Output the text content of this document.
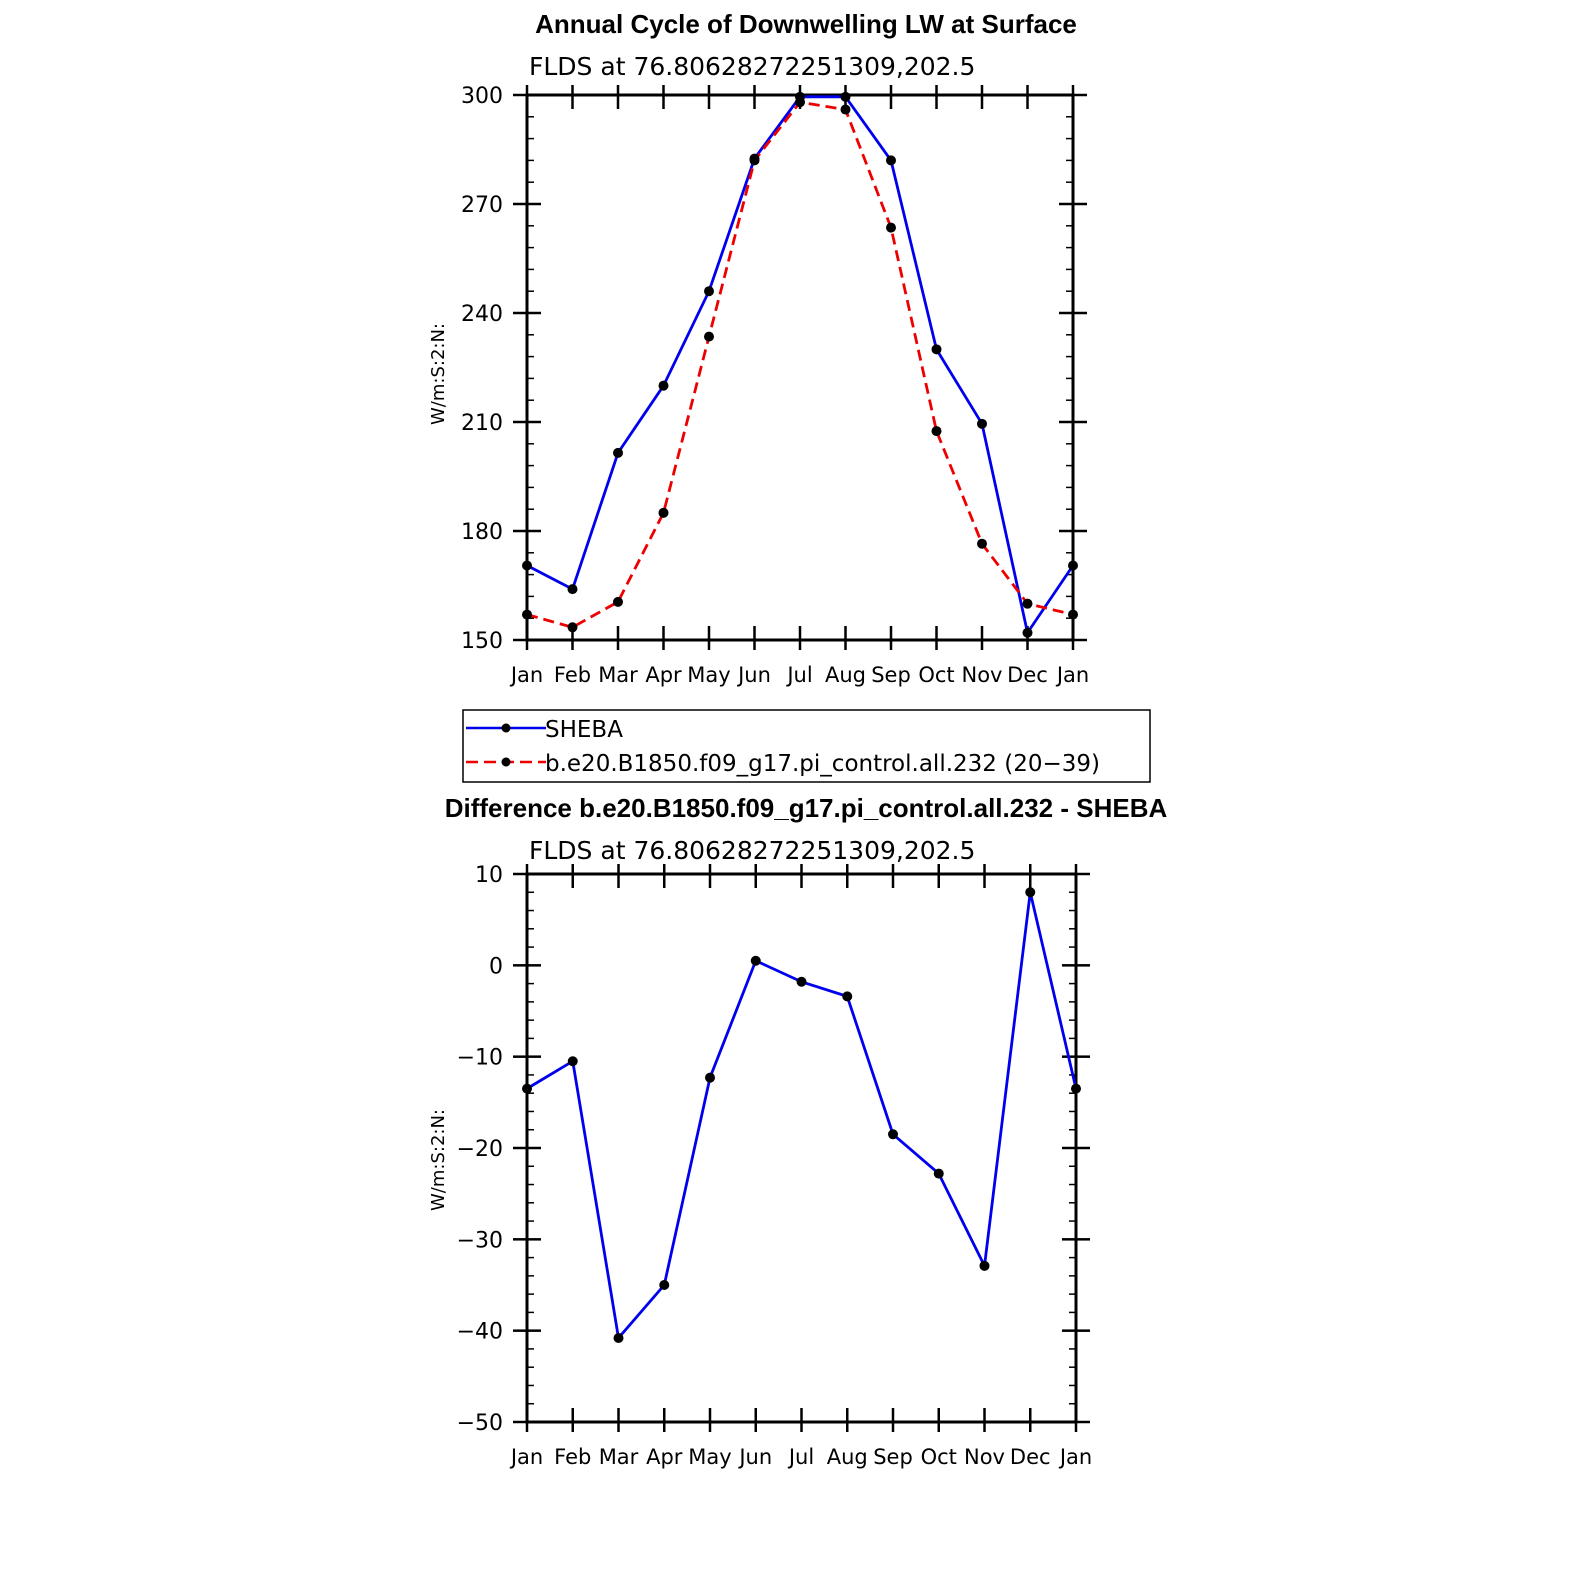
Annual Cycle of Downwelling LW at Surface
FLDS at 76.80628272251309,202.5
W/m:S:2:N:
Jan Feb Mar Apr May Jun Jul Aug Sep Oct Nov Dec Jan
150
180
210
240
270
300
SHEBA
b.e20.B1850.f09_g17.pi_control.all.232 (20−39)
Difference b.e20.B1850.f09_g17.pi_control.all.232 - SHEBA
FLDS at 76.80628272251309,202.5
W/m:S:2:N:
Jan Feb Mar Apr May Jun Jul Aug Sep Oct Nov Dec Jan
−50
−40
−30
−20
−10
0
10
